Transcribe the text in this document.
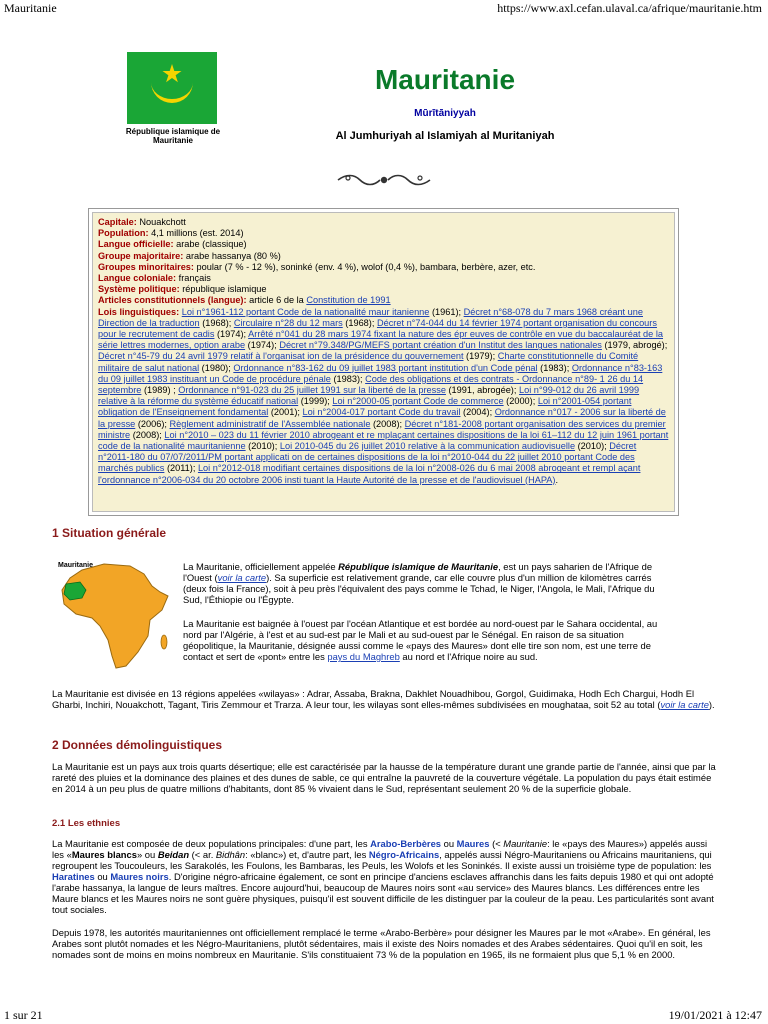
Mauritanie	https://www.axl.cefan.ulaval.ca/afrique/mauritanie.htm
République islamique de Mauritanie
Mauritanie
Mūrītāniyyah
Al Jumhuriyah al Islamiyah al Muritaniyah
Capitale: Nouakchott
Population: 4,1 millions (est. 2014)
Langue officielle: arabe (classique)
Groupe majoritaire: arabe hassanya (80 %)
Groupes minoritaires: poular (7 % - 12 %), soninké (env. 4 %), wolof (0,4 %), bambara, berbère, azer, etc.
Langue coloniale: français
Système politique: république islamique
Articles constitutionnels (langue): article 6 de la Constitution de 1991
Lois linguistiques: Loi n°1961-112 portant Code de la nationalité maur itanienne (1961); Décret n°68-078 du 7 mars 1968 créant une Direction de la traduction (1968); Circulaire n°28 du 12 mars (1968); Décret n°74-044 du 14 février 1974 portant organisation du concours pour le recrutement de cadis (1974); Arrêté n°041 du 28 mars 1974 fixant la nature des épr euves de contrôle en vue du baccalauréat de la série lettres modernes, option arabe (1974); Décret n°79.348/PG/MEFS portant création d'un Institut des langues nationales (1979, abrogé); Décret n°45-79 du 24 avril 1979 relatif à l'organisat ion de la présidence du gouvernement (1979); Charte constitutionnelle du Comité militaire de salut national (1980); Ordonnance n°83-162 du 09 juillet 1983 portant institution d'un Code pénal (1983); Ordonnance n°83-163 du 09 juillet 1983 instituant un Code de procédure pénale (1983); Code des obligations et des contrats - Ordonnance n°89- 1 26 du 14 septembre (1989) ; Ordonnance n°91-023 du 25 juillet 1991 sur la liberté de la presse (1991, abrogée); Loi n°99-012 du 26 avril 1999 relative à la réforme du système éducatif national (1999); Loi n°2000-05 portant Code de commerce (2000); Loi n°2001-054 portant obligation de l'Enseignement fondamental (2001); Loi n°2004-017 portant Code du travail (2004); Ordonnance n°017 - 2006 sur la liberté de la presse (2006); Règlement administratif de l'Assemblée nationale (2008); Décret n°181-2008 portant organisation des services du premier ministre (2008); Loi n°2010 – 023 du 11 février 2010 abrogeant et re mplaçant certaines dispositions de la loi 61–112 du 12 juin 1961 portant code de la nationalité mauritanienne (2010); Loi 2010-045 du 26 juillet 2010 relative à la communication audiovisuelle (2010); Décret n°2011-180 du 07/07/2011/PM portant applicati on de certaines dispositions de la loi n°2010-044 du 22 juillet 2010 portant Code des marchés publics (2011); Loi n°2012-018 modifiant certaines dispositions de la loi n°2008-026 du 6 mai 2008 abrogeant et rempl açant l'ordonnance n°2006-034 du 20 octobre 2006 insti tuant la Haute Autorité de la presse et de l'audiovisuel (HAPA).
1 Situation générale
Mauritanie	La Mauritanie, officiellement appelée République islamique de Mauritanie, est un pays saharien de l'Afrique de l'Ouest (voir la carte). Sa superficie est relativement grande, car elle couvre plus d'un million de kilomètres carrés (deux fois la France), soit à peu près l'équivalent des pays comme le Tchad, le Niger, l'Angola, le Mali, l'Afrique du Sud, l'Éthiopie ou l'Égypte.
La Mauritanie est baignée à l'ouest par l'océan Atlantique et est bordée au nord-ouest par le Sahara occidental, au nord par l'Algérie, à l'est et au sud-est par le Mali et au sud-ouest par le Sénégal. En raison de sa situation géopolitique, la Mauritanie, désignée aussi comme le «pays des Maures» dont elle tire son nom, est une terre de contact et sert de «pont» entre les pays du Maghreb au nord et l'Afrique noire au sud.
La Mauritanie est divisée en 13 régions appelées «wilayas» : Adrar, Assaba, Brakna, Dakhlet Nouadhibou, Gorgol, Guidimaka, Hodh Ech Chargui, Hodh El Gharbi, Inchiri, Nouakchott, Tagant, Tiris Zemmour et Trarza. A leur tour, les wilayas sont elles-mêmes subdivisées en moughataa, soit 52 au total (voir la carte).
2 Données démolinguistiques
La Mauritanie est un pays aux trois quarts désertique; elle est caractérisée par la hausse de la température durant une grande partie de l'année, ainsi que par la rareté des pluies et la dominance des plaines et des dunes de sable, ce qui entraîne la pauvreté de la couverture végétale. La population du pays était estimée en 2014 à un peu plus de quatre millions d'habitants, dont 85 % vivaient dans le Sud, représentant seulement 20 % de la superficie globale.
2.1 Les ethnies
La Mauritanie est composée de deux populations principales: d'une part, les Arabo-Berbères ou Maures (< Mauritanie: le «pays des Maures») appelés aussi les «Maures blancs» ou Beidan (< ar. Bidhân: «blanc») et, d'autre part, les Négro-Africains, appelés aussi Négro-Mauritaniens ou Africains mauritaniens, qui regroupent les Toucouleurs, les Sarakolés, les Foulons, les Bambaras, les Peuls, les Wolofs et les Soninkés. Il existe aussi un troisième type de population: les Haratines ou Maures noirs. D'origine négro-africaine également, ce sont en principe d'anciens esclaves affranchis dans les faits depuis 1980 et qui ont adopté l'arabe hassanya, la langue de leurs maîtres. Encore aujourd'hui, beaucoup de Maures noirs sont «au service» des Maures blancs. Les différences entre les Maure blancs et les Maures noirs ne sont guère physiques, puisqu'il est souvent difficile de les distinguer par la couleur de la peau. Les particularités sont avant tout sociales.
Depuis 1978, les autorités mauritaniennes ont officiellement remplacé le terme «Arabo-Berbère» pour désigner les Maures par le mot «Arabe». En général, les Arabes sont plutôt nomades et les Négro-Mauritaniens, plutôt sédentaires, mais il existe des Noirs nomades et des Arabes sédentaires. Quoi qu'il en soit, les nomades sont de moins en moins nombreux en Mauritanie. S'ils constituaient 73 % de la population en 1965, ils ne formaient plus que 5,1 % en 2000.
1 sur 21	19/01/2021 à 12:47
